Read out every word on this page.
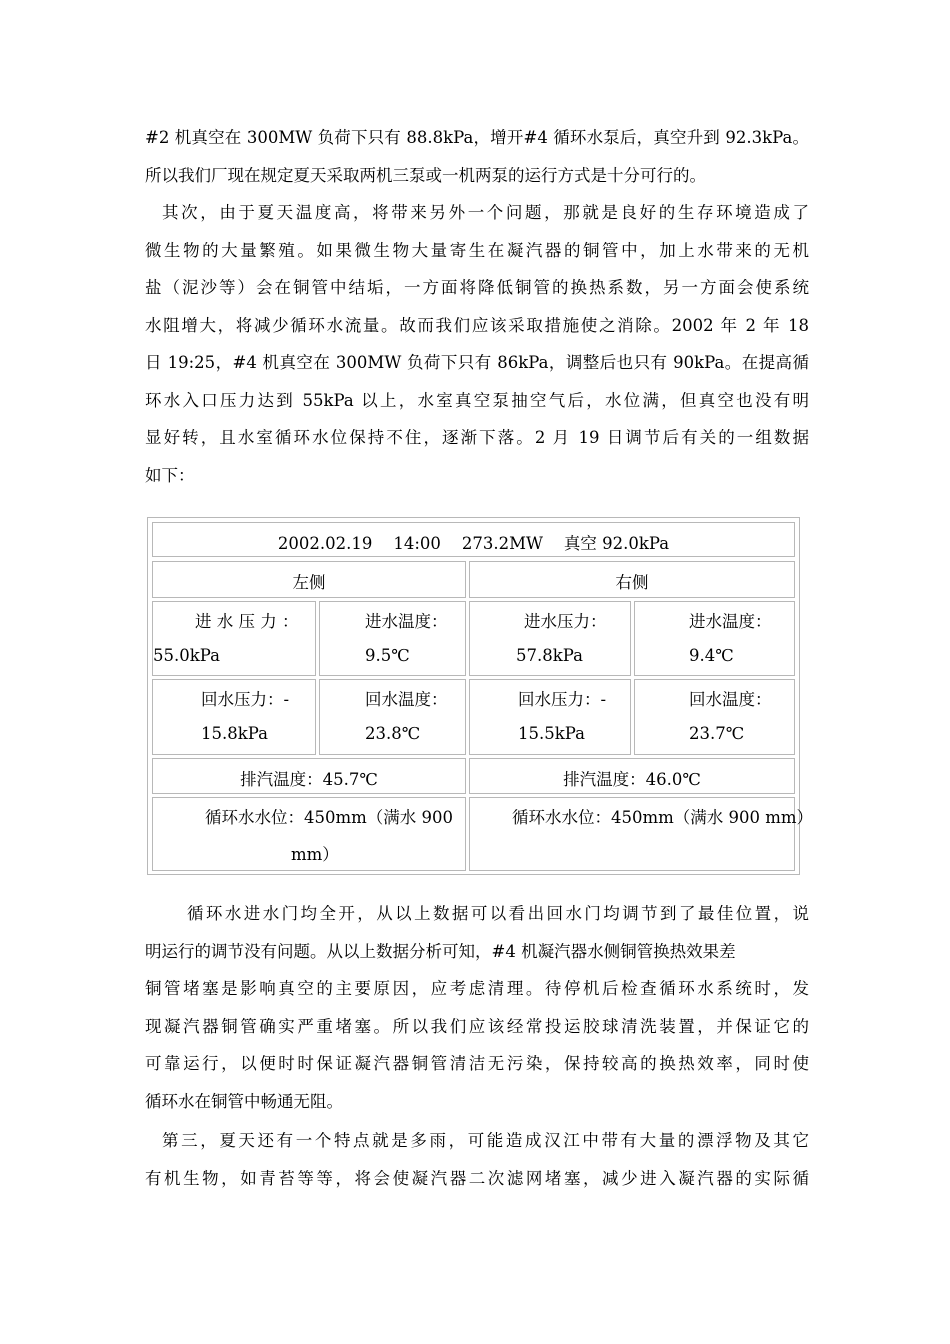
#2 机真空在 300MW 负荷下只有 88.8kPa，增开#4 循环水泵后，真空升到 92.3kPa。
所以我们厂现在规定夏天采取两机三泵或一机两泵的运行方式是十分可行的。
其次，由于夏天温度高，将带来另外一个问题，那就是良好的生存环境造成了
微生物的大量繁殖。如果微生物大量寄生在凝汽器的铜管中，加上水带来的无机
盐（泥沙等）会在铜管中结垢，一方面将降低铜管的换热系数，另一方面会使系统
水阻增大，将减少循环水流量。故而我们应该采取措施使之消除。2002 年 2 年 18
日 19:25，#4 机真空在 300MW 负荷下只有 86kPa，调整后也只有 90kPa。在提高循
环水入口压力达到 55kPa 以上，水室真空泵抽空气后，水位满，但真空也没有明
显好转，且水室循环水位保持不住，逐渐下落。2 月 19 日调节后有关的一组数据
如下：
2002.02.19    14:00    273.2MW    真空 92.0kPa
左侧	右侧
进 水 压 力 ：
55.0kPa
进水温度：
9.5℃
进水压力：
57.8kPa
进水温度：
9.4℃
回水压力：-
15.8kPa
回水温度：
23.8℃
回水压力：-
15.5kPa
回水温度：
23.7℃
排汽温度：45.7℃	排汽温度：46.0℃
循环水水位：450mm（满水 900
mm）
循环水水位：450mm（满水 900 mm）
循环水进水门均全开，从以上数据可以看出回水门均调节到了最佳位置，说
明运行的调节没有问题。从以上数据分析可知，#4 机凝汽器水侧铜管换热效果差
铜管堵塞是影响真空的主要原因，应考虑清理。待停机后检查循环水系统时，发
现凝汽器铜管确实严重堵塞。所以我们应该经常投运胶球清洗装置，并保证它的
可靠运行，以便时时保证凝汽器铜管清洁无污染，保持较高的换热效率，同时使
循环水在铜管中畅通无阻。
第三，夏天还有一个特点就是多雨，可能造成汉江中带有大量的漂浮物及其它
有机生物，如青苔等等，将会使凝汽器二次滤网堵塞，减少进入凝汽器的实际循
